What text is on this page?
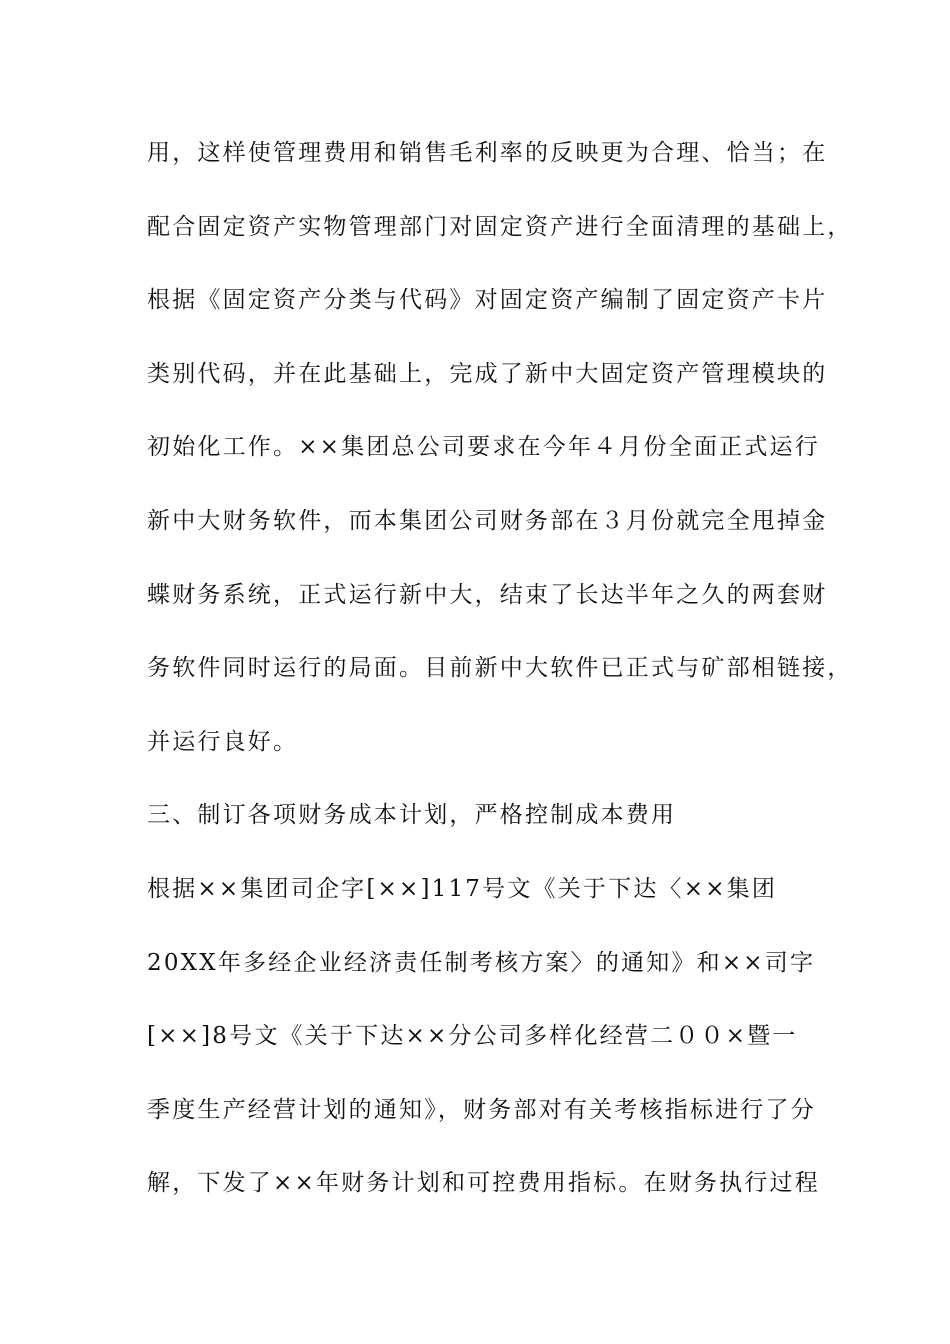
用，这样使管理费用和销售毛利率的反映更为合理、恰当；在
配合固定资产实物管理部门对固定资产进行全面清理的基础上，
根据《固定资产分类与代码》对固定资产编制了固定资产卡片
类别代码，并在此基础上，完成了新中大固定资产管理模块的
初始化工作。××集团总公司要求在今年４月份全面正式运行
新中大财务软件，而本集团公司财务部在３月份就完全甩掉金
蝶财务系统，正式运行新中大，结束了长达半年之久的两套财
务软件同时运行的局面。目前新中大软件已正式与矿部相链接，
并运行良好。
三、制订各项财务成本计划，严格控制成本费用
根据××集团司企字[××]117号文《关于下达〈××集团
20XX年多经企业经济责任制考核方案〉的通知》和××司字
[××]8号文《关于下达××分公司多样化经营二００×暨一
季度生产经营计划的通知》，财务部对有关考核指标进行了分
解，下发了××年财务计划和可控费用指标。在财务执行过程
